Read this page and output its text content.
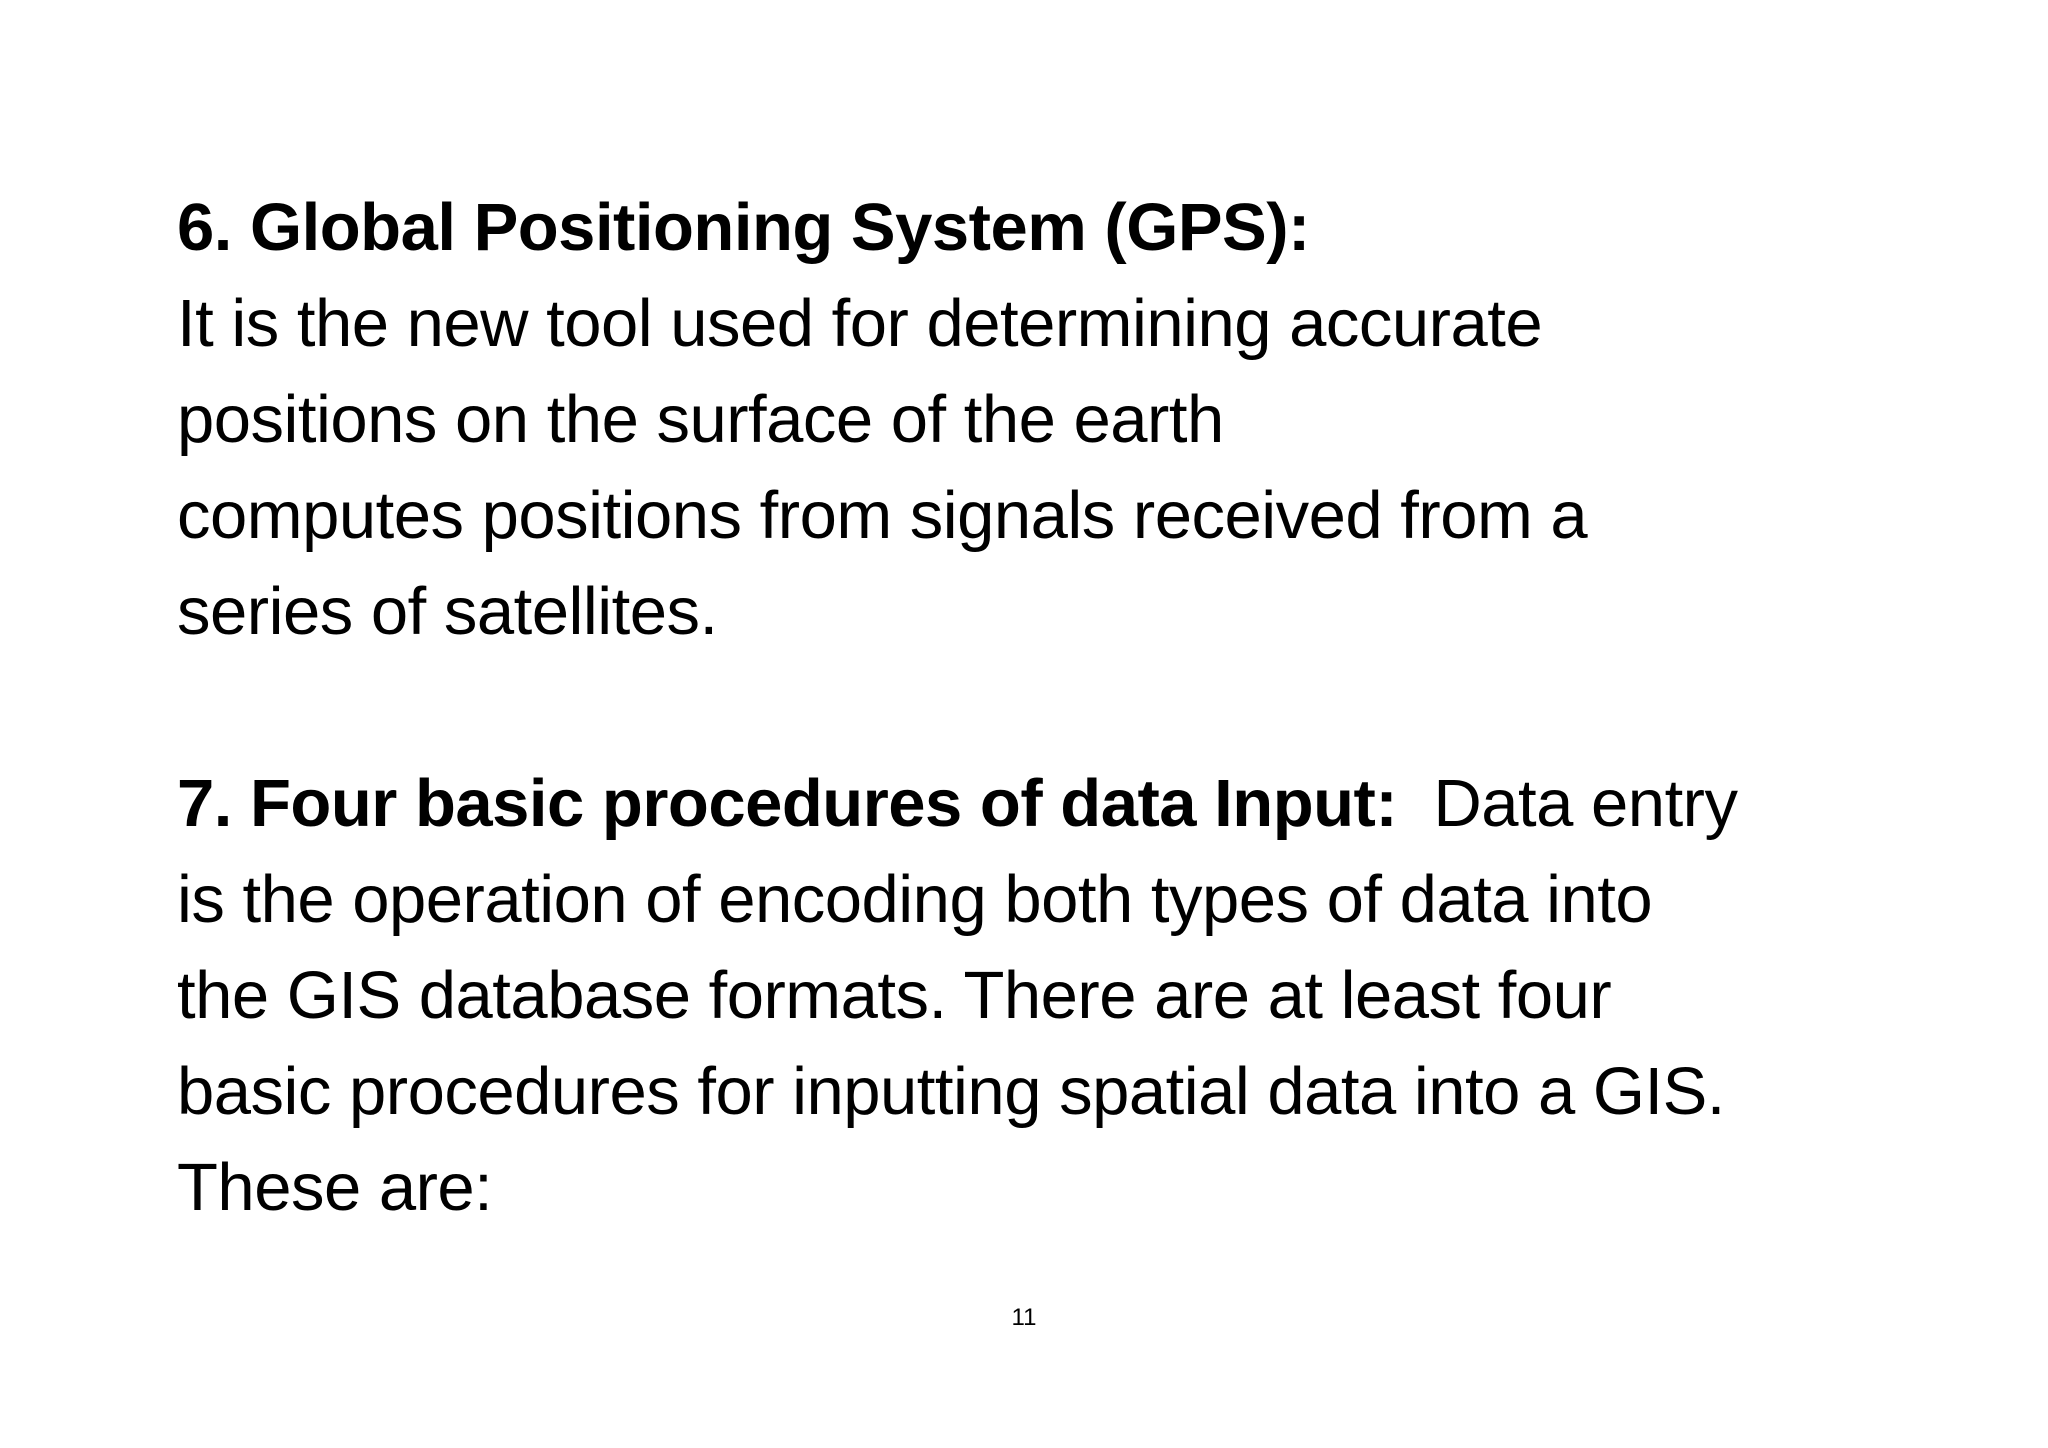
6. Global Positioning System (GPS):
It is the new tool used for determining accurate
positions on the surface of the earth
computes positions from signals received from a
series of satellites.
7. Four basic procedures of data Input:  Data entry
is the operation of encoding both types of data into
the GIS database formats. There are at least four
basic procedures for inputting spatial data into a GIS.
These are:
11
